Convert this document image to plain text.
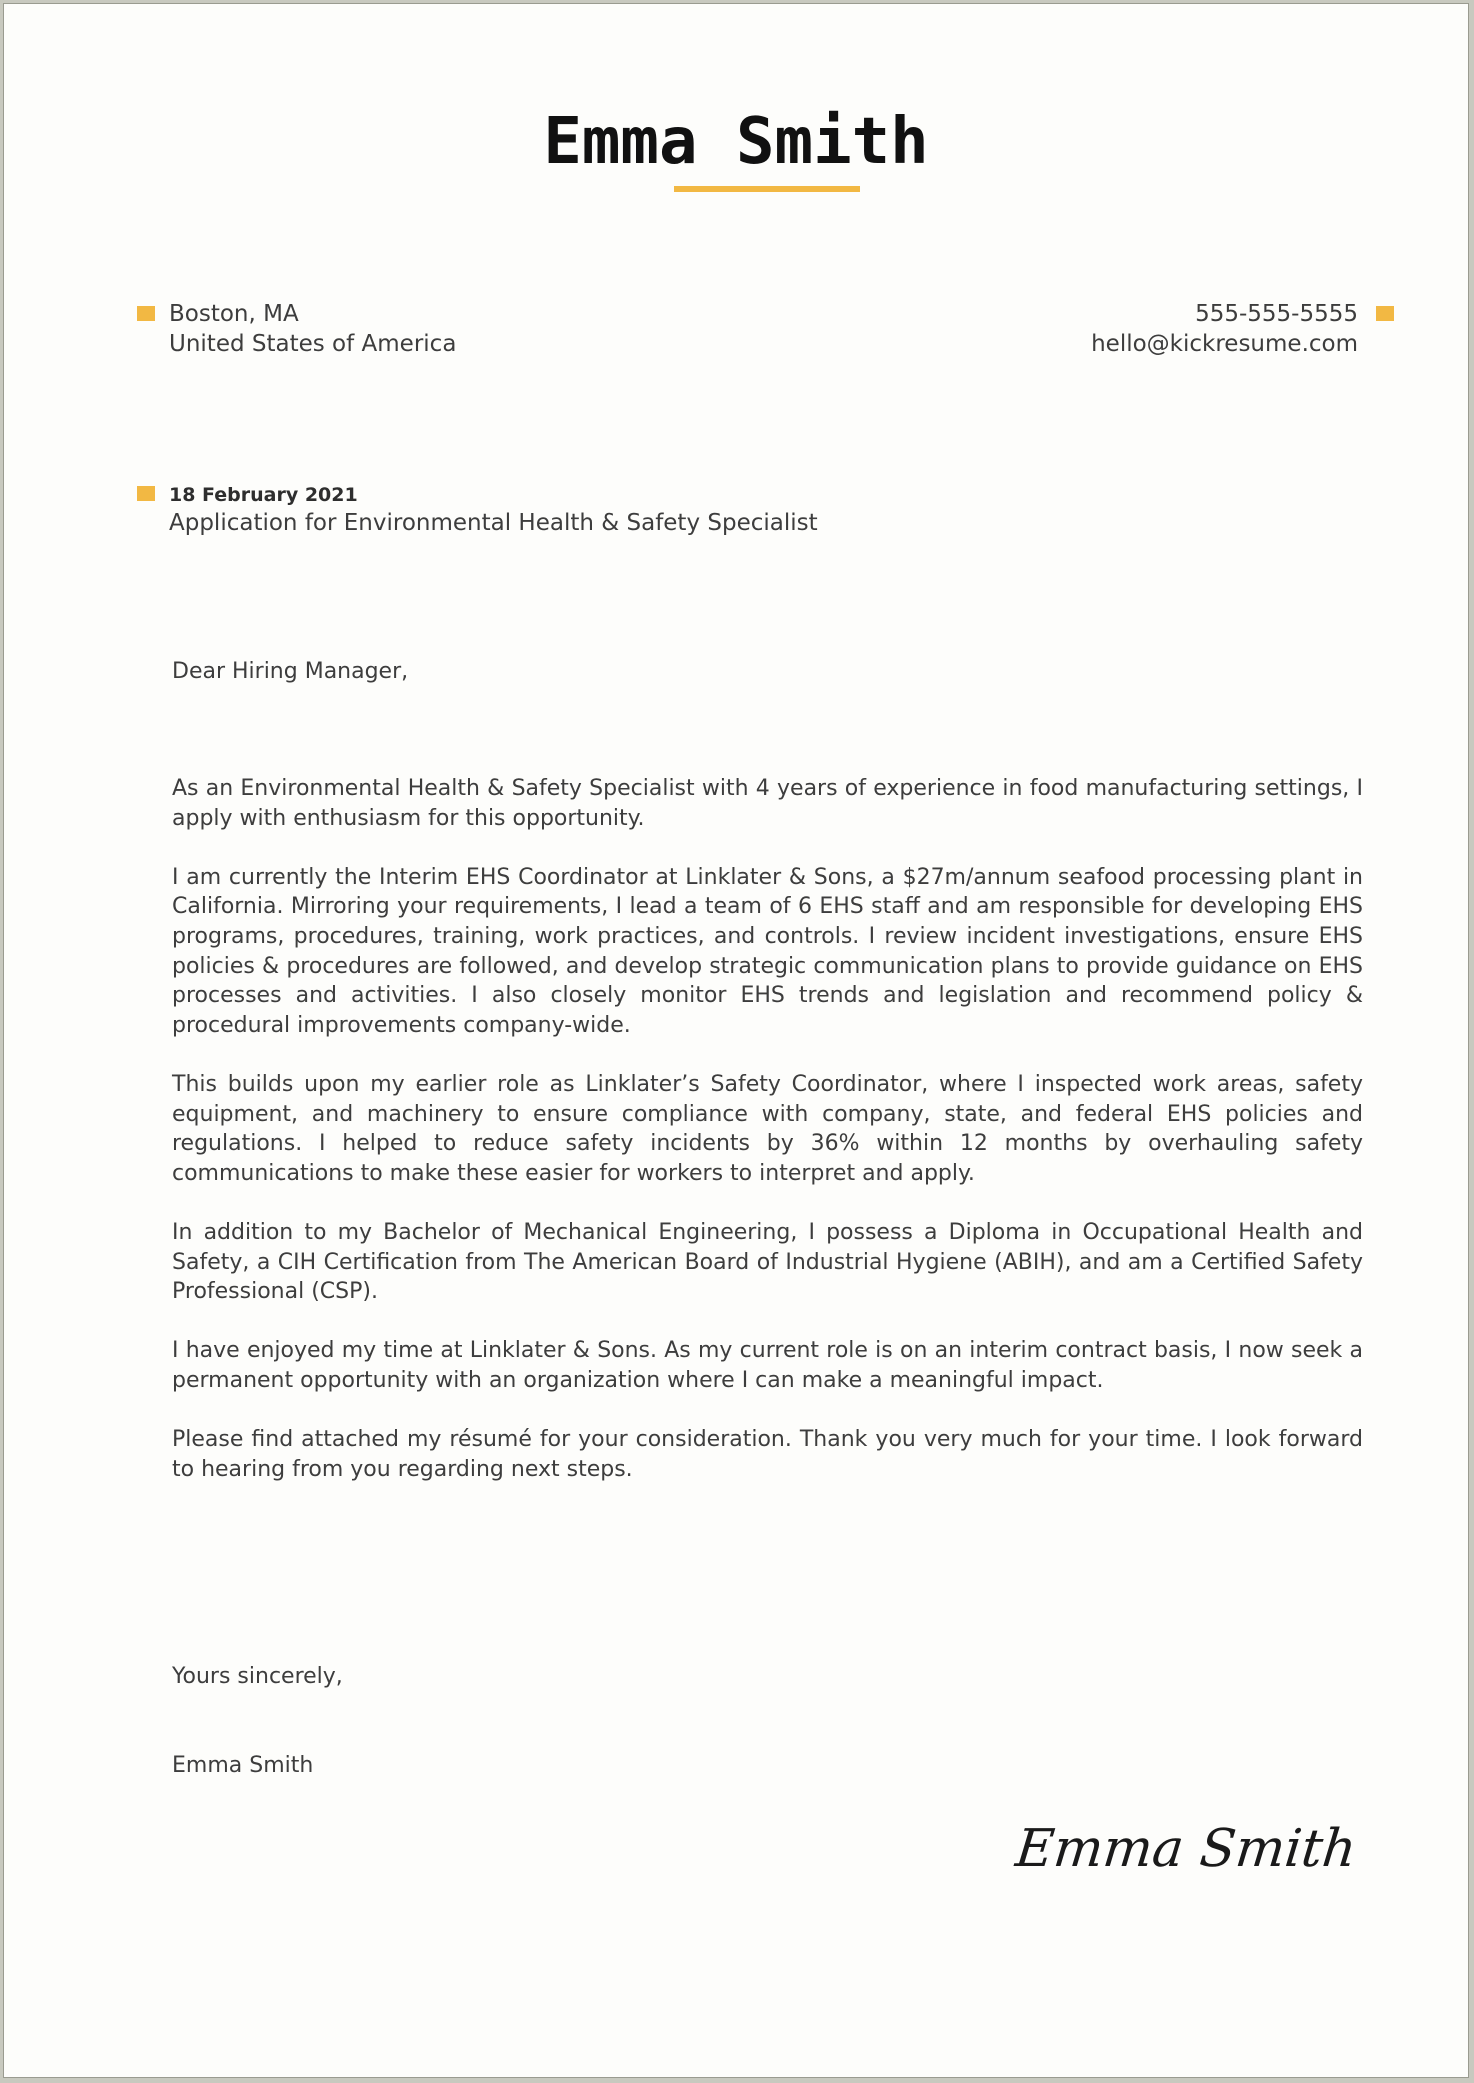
Emma Smith
Boston, MA
United States of America
555-555-5555
hello@kickresume.com
18 February 2021
Application for Environmental Health & Safety Specialist
Dear Hiring Manager,

As an Environmental Health & Safety Specialist with 4 years of experience in food manufacturing settings, I apply with enthusiasm for this opportunity.

I am currently the Interim EHS Coordinator at Linklater & Sons, a $27m/annum seafood processing plant in California. Mirroring your requirements, I lead a team of 6 EHS staff and am responsible for developing EHS programs, procedures, training, work practices, and controls. I review incident investigations, ensure EHS policies & procedures are followed, and develop strategic communication plans to provide guidance on EHS processes and activities. I also closely monitor EHS trends and legislation and recommend policy & procedural improvements company-wide.

This builds upon my earlier role as Linklater’s Safety Coordinator, where I inspected work areas, safety equipment, and machinery to ensure compliance with company, state, and federal EHS policies and regulations. I helped to reduce safety incidents by 36% within 12 months by overhauling safety communications to make these easier for workers to interpret and apply.

In addition to my Bachelor of Mechanical Engineering, I possess a Diploma in Occupational Health and Safety, a CIH Certification from The American Board of Industrial Hygiene (ABIH), and am a Certified Safety Professional (CSP).

I have enjoyed my time at Linklater & Sons. As my current role is on an interim contract basis, I now seek a permanent opportunity with an organization where I can make a meaningful impact.

Please find attached my résumé for your consideration. Thank you very much for your time. I look forward to hearing from you regarding next steps.

Yours sincerely,
Emma Smith
Emma Smith
